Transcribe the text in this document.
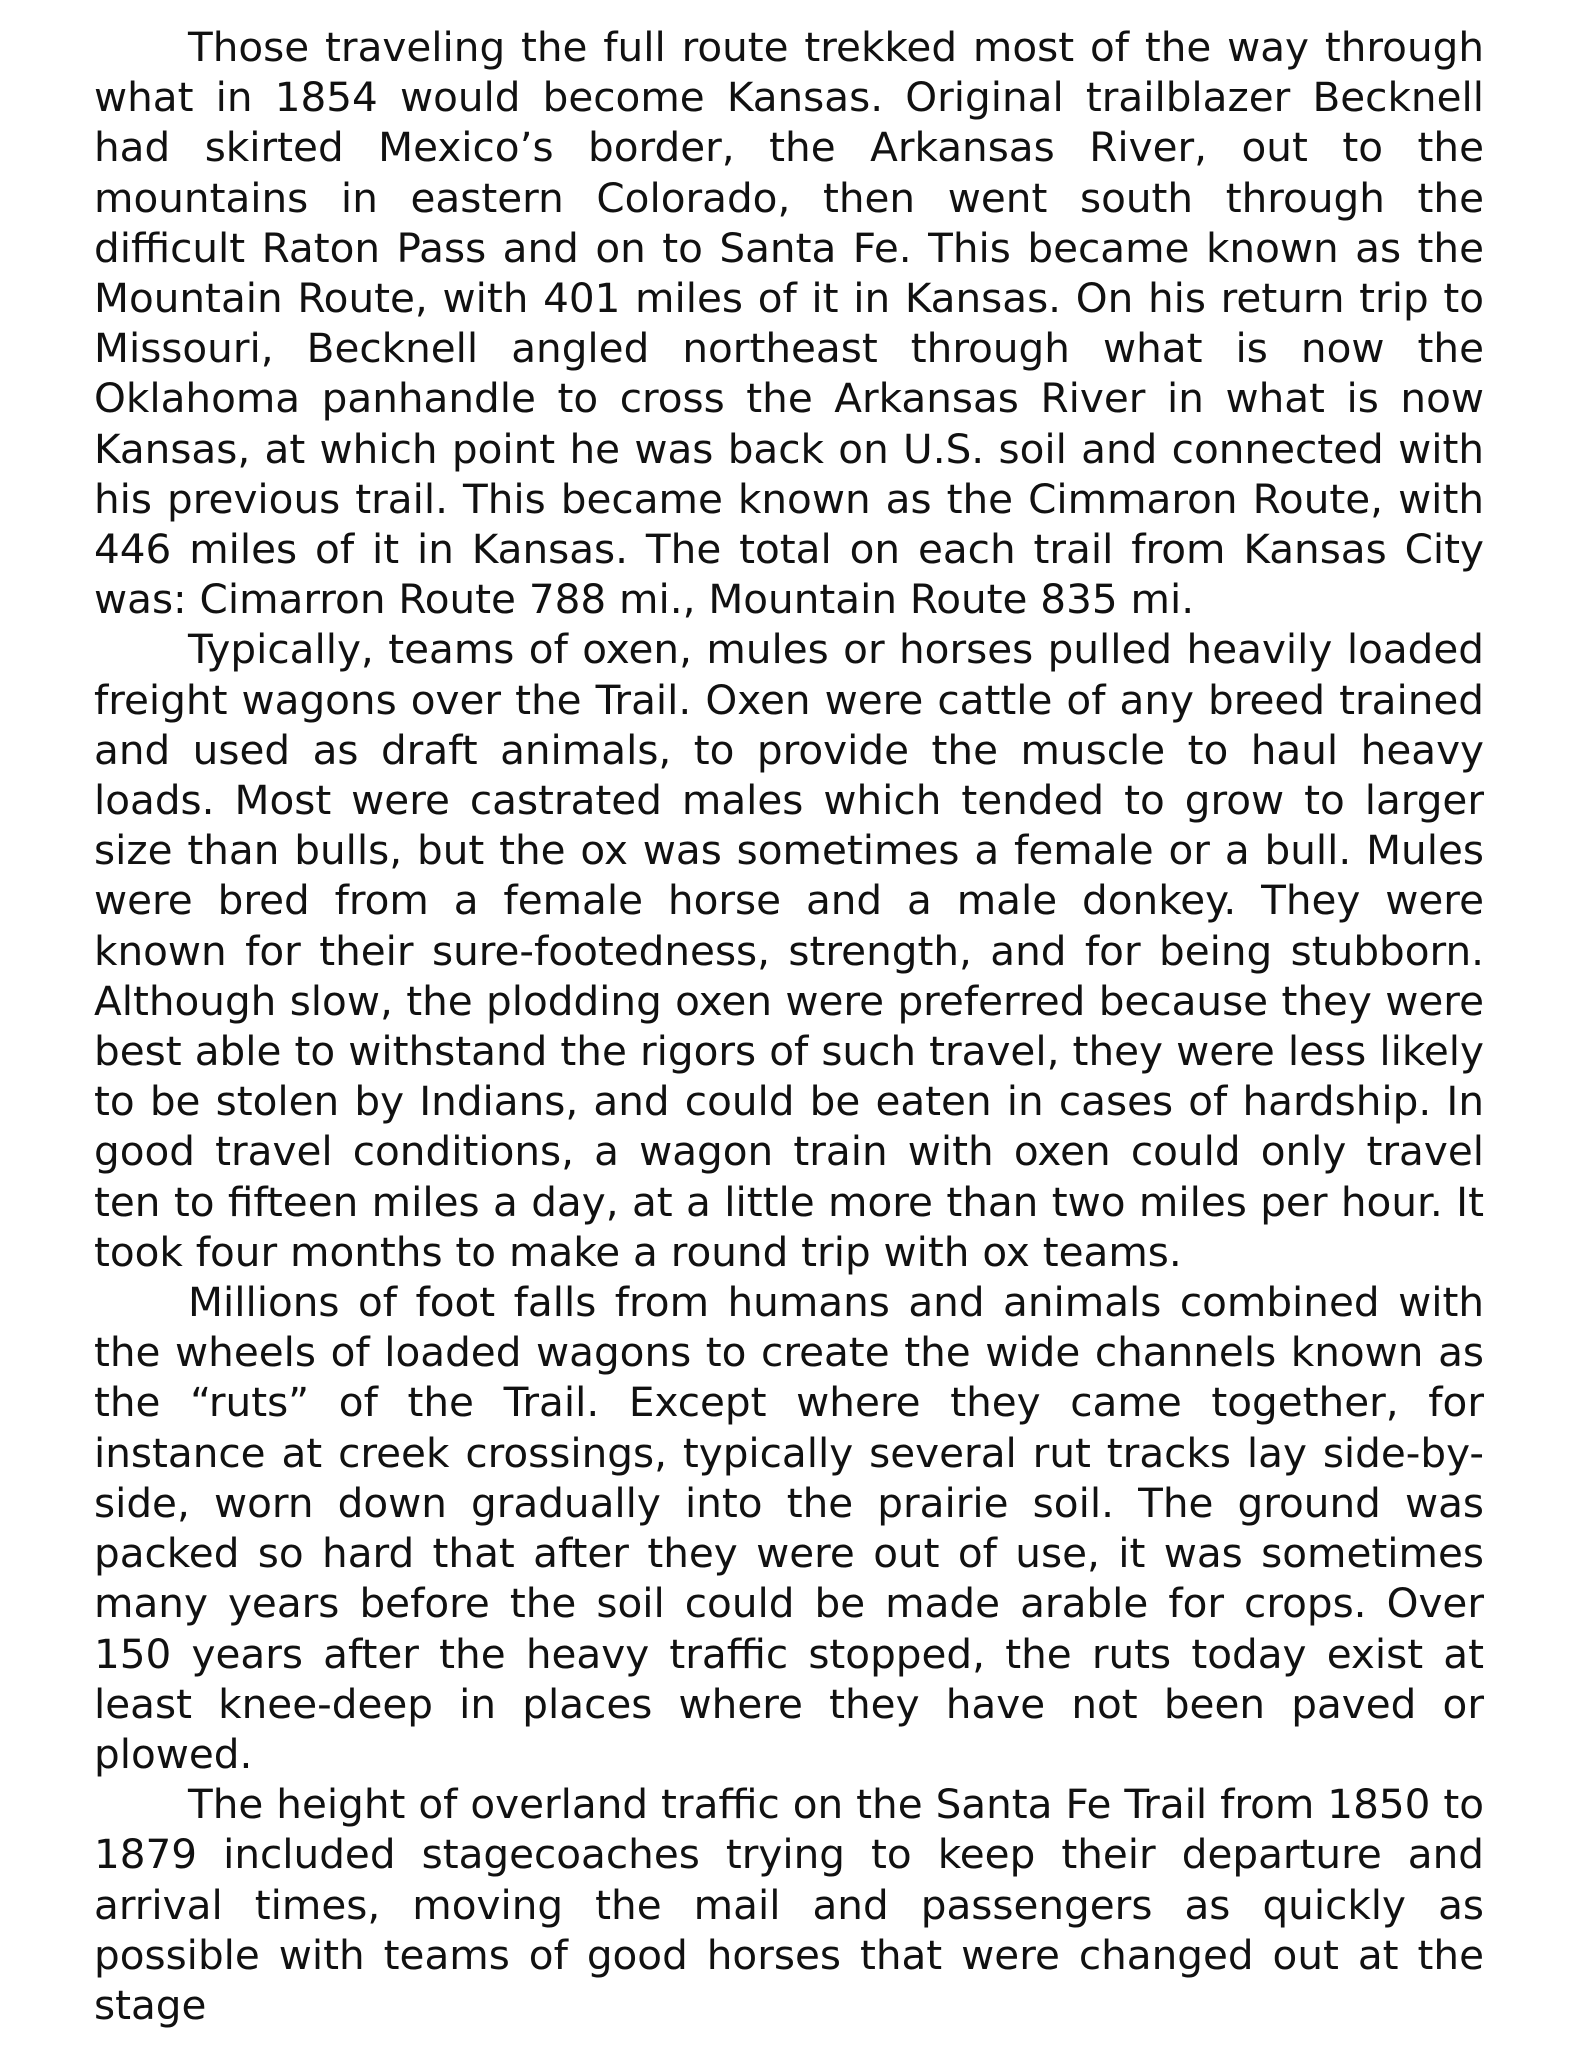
Those traveling the full route trekked most of the way through what in 1854 would become Kansas. Original trailblazer Becknell had skirted Mexico’s border, the Arkansas River, out to the mountains in eastern Colorado, then went south through the difficult Raton Pass and on to Santa Fe. This became known as the Mountain Route, with 401 miles of it in Kansas. On his return trip to Missouri, Becknell angled northeast through what is now the Oklahoma panhandle to cross the Arkansas River in what is now Kansas, at which point he was back on U.S. soil and connected with his previous trail. This became known as the Cimmaron Route, with 446 miles of it in Kansas. The total on each trail from Kansas City was: Cimarron Route 788 mi., Mountain Route 835 mi.

Typically, teams of oxen, mules or horses pulled heavily loaded freight wagons over the Trail. Oxen were cattle of any breed trained and used as draft animals, to provide the muscle to haul heavy loads. Most were castrated males which tended to grow to larger size than bulls, but the ox was sometimes a female or a bull. Mules were bred from a female horse and a male donkey. They were known for their sure-footedness, strength, and for being stubborn. Although slow, the plodding oxen were preferred because they were best able to withstand the rigors of such travel, they were less likely to be stolen by Indians, and could be eaten in cases of hardship. In good travel conditions, a wagon train with oxen could only travel ten to fifteen miles a day, at a little more than two miles per hour. It took four months to make a round trip with ox teams.

Millions of foot falls from humans and animals combined with the wheels of loaded wagons to create the wide channels known as the “ruts” of the Trail. Except where they came together, for instance at creek crossings, typically several rut tracks lay side-by-side, worn down gradually into the prairie soil. The ground was packed so hard that after they were out of use, it was sometimes many years before the soil could be made arable for crops. Over 150 years after the heavy traffic stopped, the ruts today exist at least knee-deep in places where they have not been paved or plowed.

The height of overland traffic on the Santa Fe Trail from 1850 to 1879 included stagecoaches trying to keep their departure and arrival times, moving the mail and passengers as quickly as possible with teams of good horses that were changed out at the stage
